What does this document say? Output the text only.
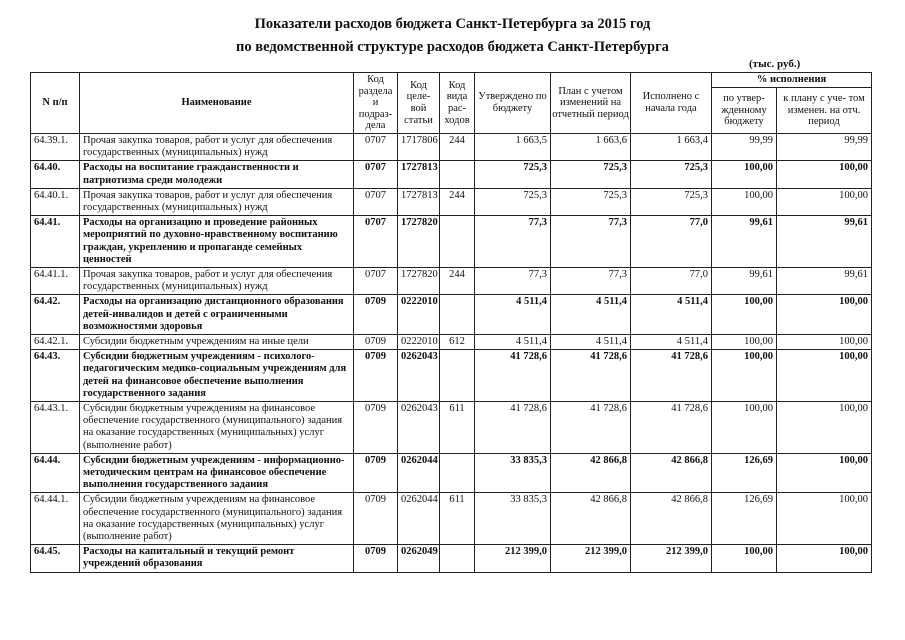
Показатели расходов бюджета Санкт-Петербурга за 2015 год
по ведомственной структуре расходов бюджета Санкт-Петербурга
(тыс. руб.)
N п/п	Наименование	Код раздела и подраз- дела	Код целе- вой статьи	Код вида рас- ходов	Утверждено по бюджету	План с учетом изменений на отчетный период	Исполнено с начала года	% исполнения	
								по утвер- жденному бюджету	к плану с уче- том изменен. на отч. период
64.39.1.	Прочая закупка товаров, работ и услуг для обеспечения государственных (муниципальных) нужд	0707	1717806	244	1 663,5	1 663,6	1 663,4	99,99	99,99
64.40.	Расходы на воспитание гражданственности и патриотизма среди молодежи	0707	1727813		725,3	725,3	725,3	100,00	100,00
64.40.1.	Прочая закупка товаров, работ и услуг для обеспечения государственных (муниципальных) нужд	0707	1727813	244	725,3	725,3	725,3	100,00	100,00
64.41.	Расходы на организацию и проведение районных мероприятий по духовно-нравственному воспитанию граждан, укреплению и пропаганде семейных ценностей	0707	1727820		77,3	77,3	77,0	99,61	99,61
64.41.1.	Прочая закупка товаров, работ и услуг для обеспечения государственных (муниципальных) нужд	0707	1727820	244	77,3	77,3	77,0	99,61	99,61
64.42.	Расходы на организацию дистанционного образования детей-инвалидов и детей с ограниченными возможностями здоровья	0709	0222010		4 511,4	4 511,4	4 511,4	100,00	100,00
64.42.1.	Субсидии бюджетным учреждениям на иные цели	0709	0222010	612	4 511,4	4 511,4	4 511,4	100,00	100,00
64.43.	Субсидии бюджетным учреждениям - психолого-педагогическим медико-социальным учреждениям для детей на финансовое обеспечение выполнения государственного задания	0709	0262043		41 728,6	41 728,6	41 728,6	100,00	100,00
64.43.1.	Субсидии бюджетным учреждениям на финансовое обеспечение государственного (муниципального) задания на оказание государственных (муниципальных) услуг (выполнение работ)	0709	0262043	611	41 728,6	41 728,6	41 728,6	100,00	100,00
64.44.	Субсидии бюджетным учреждениям - информационно-методическим центрам на финансовое обеспечение выполнения государственного задания	0709	0262044		33 835,3	42 866,8	42 866,8	126,69	100,00
64.44.1.	Субсидии бюджетным учреждениям на финансовое обеспечение государственного (муниципального) задания на оказание государственных (муниципальных) услуг (выполнение работ)	0709	0262044	611	33 835,3	42 866,8	42 866,8	126,69	100,00
64.45.	Расходы на капитальный и текущий ремонт учреждений образования	0709	0262049		212 399,0	212 399,0	212 399,0	100,00	100,00
